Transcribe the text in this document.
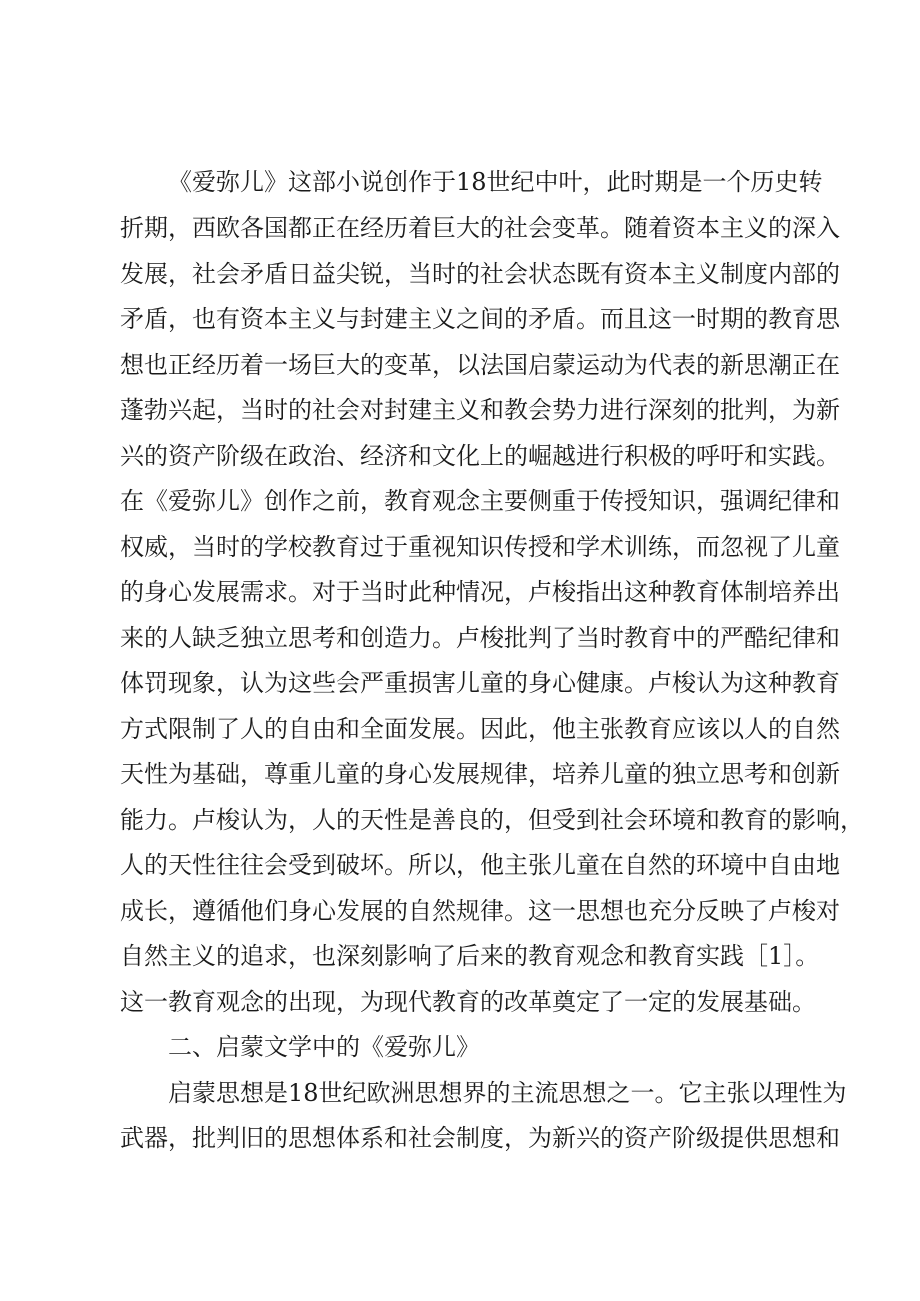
《爱弥儿》这部小说创作于18世纪中叶，此时期是一个历史转
折期，西欧各国都正在经历着巨大的社会变革。随着资本主义的深入
发展，社会矛盾日益尖锐，当时的社会状态既有资本主义制度内部的
矛盾，也有资本主义与封建主义之间的矛盾。而且这一时期的教育思
想也正经历着一场巨大的变革，以法国启蒙运动为代表的新思潮正在
蓬勃兴起，当时的社会对封建主义和教会势力进行深刻的批判，为新
兴的资产阶级在政治、经济和文化上的崛越进行积极的呼吁和实践。
在《爱弥儿》创作之前，教育观念主要侧重于传授知识，强调纪律和
权威，当时的学校教育过于重视知识传授和学术训练，而忽视了儿童
的身心发展需求。对于当时此种情况，卢梭指出这种教育体制培养出
来的人缺乏独立思考和创造力。卢梭批判了当时教育中的严酷纪律和
体罚现象，认为这些会严重损害儿童的身心健康。卢梭认为这种教育
方式限制了人的自由和全面发展。因此，他主张教育应该以人的自然
天性为基础，尊重儿童的身心发展规律，培养儿童的独立思考和创新
能力。卢梭认为，人的天性是善良的，但受到社会环境和教育的影响，
人的天性往往会受到破坏。所以，他主张儿童在自然的环境中自由地
成长，遵循他们身心发展的自然规律。这一思想也充分反映了卢梭对
自然主义的追求，也深刻影响了后来的教育观念和教育实践［1］。
这一教育观念的出现，为现代教育的改革奠定了一定的发展基础。
二、启蒙文学中的《爱弥儿》
启蒙思想是18世纪欧洲思想界的主流思想之一。它主张以理性为
武器，批判旧的思想体系和社会制度，为新兴的资产阶级提供思想和
